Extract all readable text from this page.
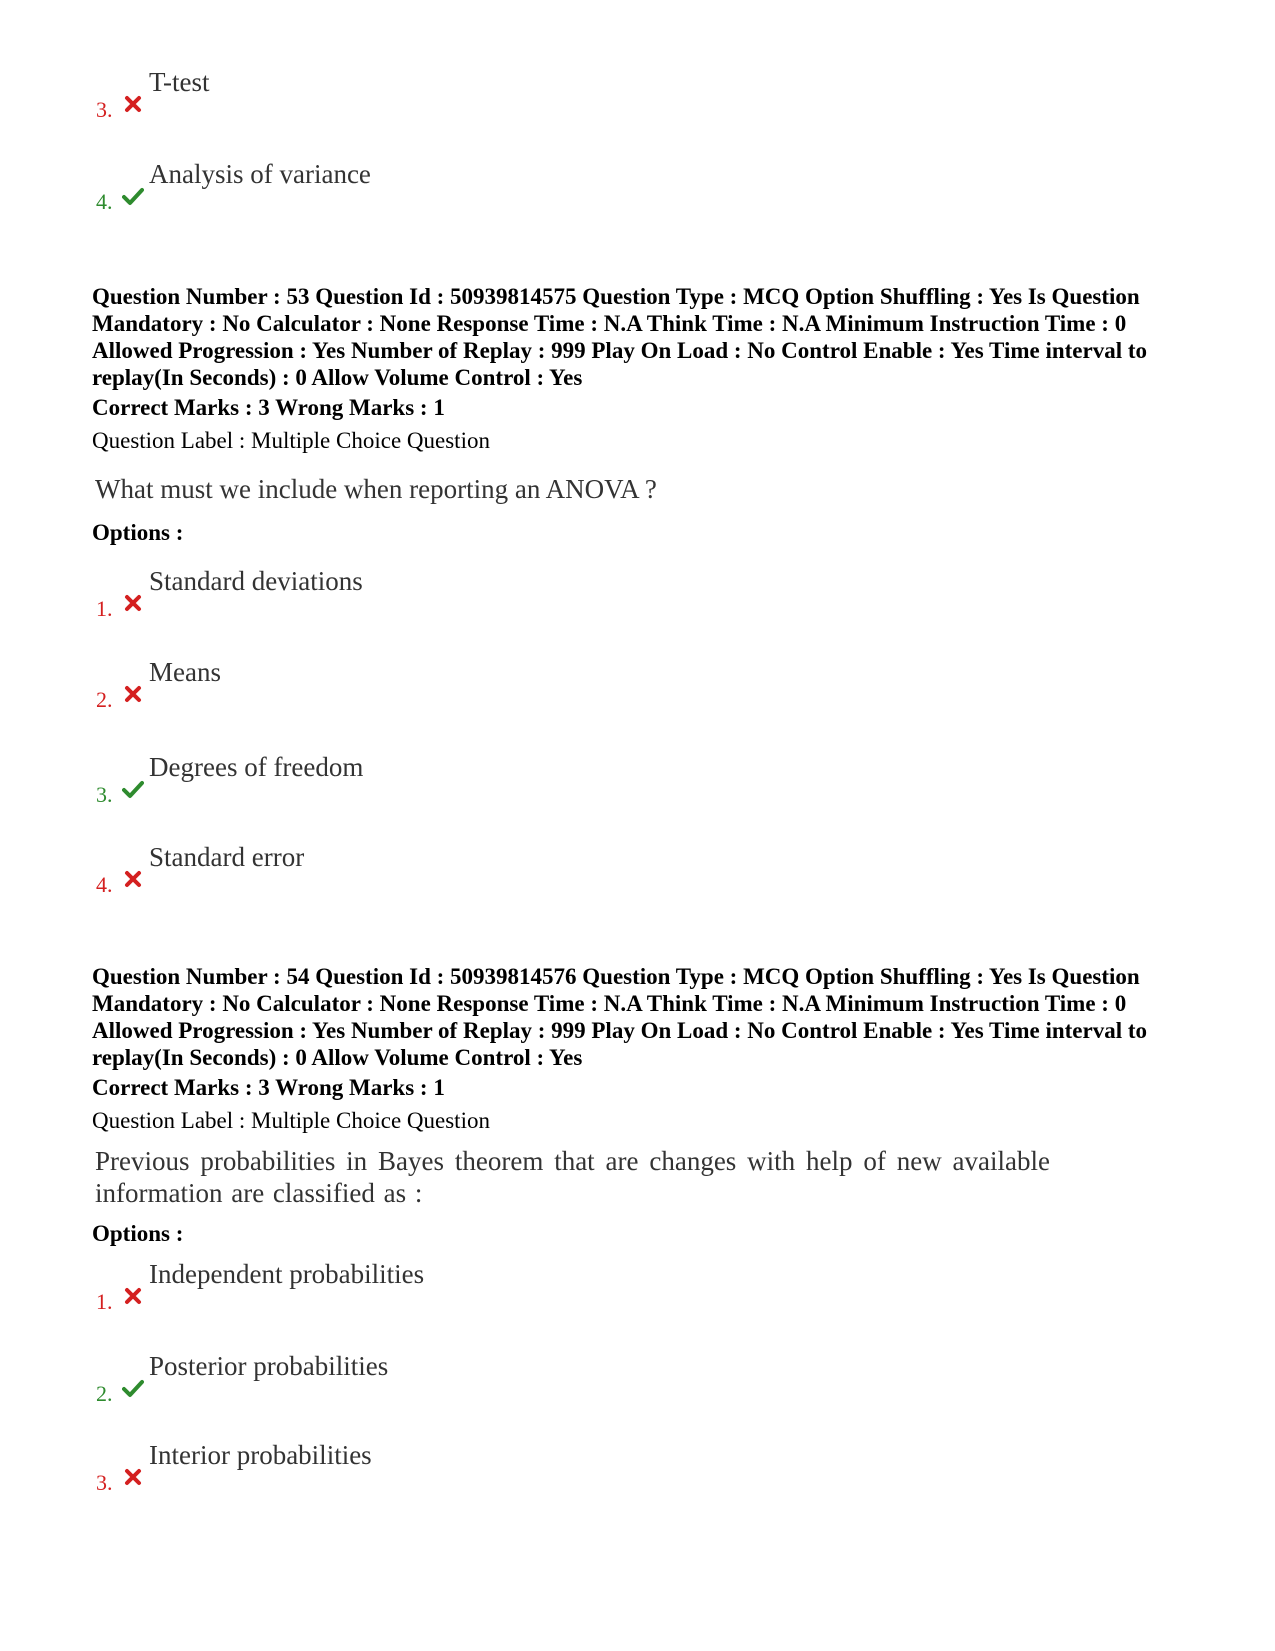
3.
T-test
4.
Analysis of variance

Question Number : 53 Question Id : 50939814575 Question Type : MCQ Option Shuffling : Yes Is Question Mandatory : No Calculator : None Response Time : N.A Think Time : N.A Minimum Instruction Time : 0 Allowed Progression : Yes Number of Replay : 999 Play On Load : No Control Enable : Yes Time interval to replay(In Seconds) : 0 Allow Volume Control : Yes

Correct Marks : 3 Wrong Marks : 1

Question Label : Multiple Choice Question

What must we include when reporting an ANOVA ?

Options :

1.
Standard deviations
2.
Means
3.
Degrees of freedom
4.
Standard error

Question Number : 54 Question Id : 50939814576 Question Type : MCQ Option Shuffling : Yes Is Question Mandatory : No Calculator : None Response Time : N.A Think Time : N.A Minimum Instruction Time : 0 Allowed Progression : Yes Number of Replay : 999 Play On Load : No Control Enable : Yes Time interval to replay(In Seconds) : 0 Allow Volume Control : Yes

Correct Marks : 3 Wrong Marks : 1

Question Label : Multiple Choice Question

Previous probabilities in Bayes theorem that are changes with help of new available information are classified as :

Options :

1.
Independent probabilities
2.
Posterior probabilities
3.
Interior probabilities
